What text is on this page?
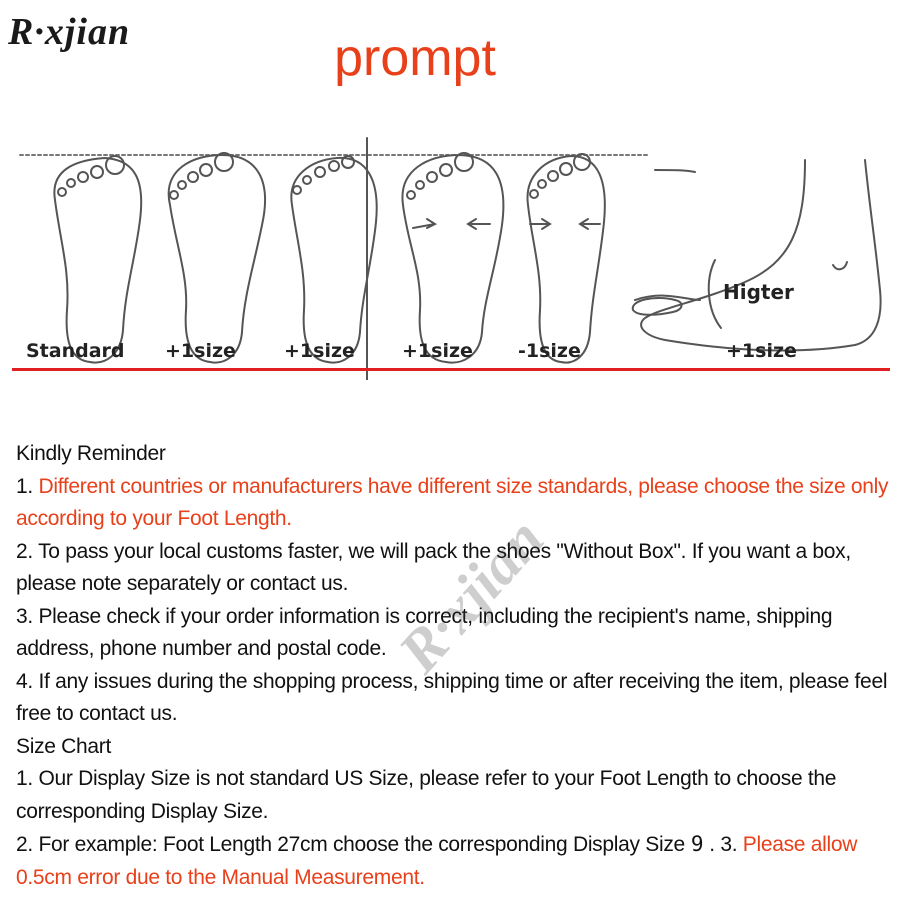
R·xjian	prompt
Standard +1size	+1size +1size -1size	+1size
Higter

Kindly Reminder

1. Different countries or manufacturers have different size standards, please choose the size only according to your Foot Length.

2. To pass your local customs faster, we will pack the shoes "Without Box". If you want a box, please note separately or contact us.

3. Please check if your order information is correct, including the recipient's name, shipping address, phone number and postal code.

4. If any issues during the shopping process, shipping time or after receiving the item, please feel free to contact us.

Size Chart

1. Our Display Size is not standard US Size, please refer to your Foot Length to choose the corresponding Display Size.

2. For example: Foot Length 27cm choose the corresponding Display Size 9 . 3. Please allow 0.5cm error due to the Manual Measurement.

R·xjian
